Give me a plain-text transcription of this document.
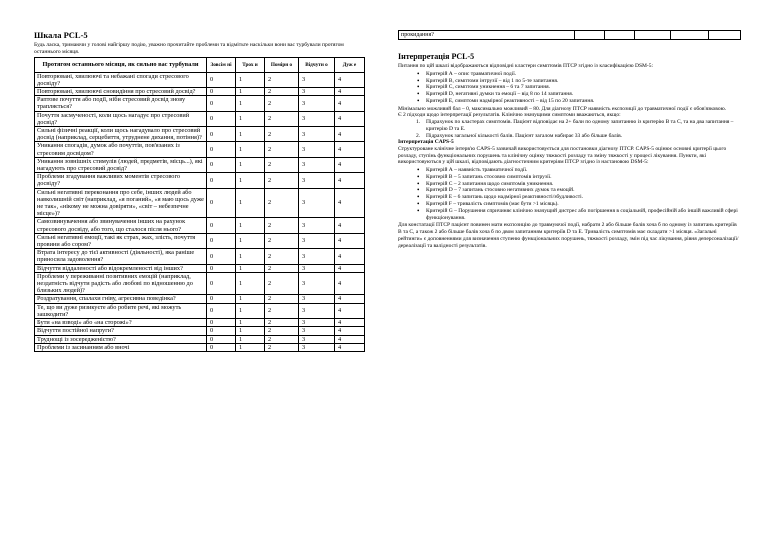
Шкала PCL-5
Будь ласка, тримаючи у голові найгіршу подію, уважно прочитайте проблеми та відмітьте наскільки вони вас турбували протягом останнього місяця.
Протягом останнього місяця, як сильно вас турбували	Зовсім ні	Трох и	Помірн о	Відчутн о	Дуж е
Повторювані, хвилюючі та небажані спогади стресового досвіду?	0	1	2	3	4
Повторювані, хвилюючі сновидіння про стресовий досвід?	0	1	2	3	4
Раптове почуття або події, ніби стресовий досвід знову трапляється?	0	1	2	3	4
Почуття засмученості, коли щось нагадує про стресовий досвід?	0	1	2	3	4
Сильні фізичні реакції, коли щось нагадувало про стресовий досвід (наприклад, серцебиття, утруднене дихання, потіння)?	0	1	2	3	4
Уникання спогадів, думок або почуттів, пов'язаних із стресовим досвідом?	0	1	2	3	4
Уникання зовнішніх стимулів (людей, предметів, місць...), які нагадують про стресовий досвід?	0	1	2	3	4
Проблеми згадування важливих моментів стресового досвіду?	0	1	2	3	4
Сильні негативні переконання про себе, інших людей або навколишній світ (наприклад, «я поганий», «я маю щось дуже не так», «нікому не можна довіряти», «світ – небезпечне місце»)?	0	1	2	3	4
Самозвинувачення або звинувачення інших на рахунок стресового досвіду, або того, що сталося після нього?	0	1	2	3	4
Сильні негативні емоції, такі як страх, жах, злість, почуття провини або сором?	0	1	2	3	4
Втрата інтересу до тієї активності (діяльності), яка раніше приносила задоволення?	0	1	2	3	4
Відчуття віддаленості або відокремленості від інших?	0	1	2	3	4
Проблеми у переживанні позитивних емоцій (наприклад, нездатність відчути радість або любові по відношенню до близьких людей)?	0	1	2	3	4
Роздратування, спалахи гніву, агресивна поведінка?	0	1	2	3	4
Те, що ви дуже ризикуєте або робите речі, які можуть зашкодити?	0	1	2	3	4
Бути «на взводі» або «на сторожі»?	0	1	2	3	4
Відчуття постійної напруги?	0	1	2	3	4
Труднощі із зосередженістю?	0	1	2	3	4
Проблеми із засинанням або вночі	0	1	2	3	4
прокидання?					
Інтерпретація PCL-5

Питання по цій шкалі відображаються відповідні кластери симптомів ПТСР згідно із класифікацією DSM-5:

• Критерій А – опис травматичної події.
• Критерій В, симптоми інтрузії – від 1 по 5-те запитання.
• Критерій С, симптоми уникнення – 6 та 7 запитання.
• Критерій D, негативні думки та емоції – від 8 по 14 запитання.
• Критерій Е, симптоми надмірної реактивності – від 15 по 20 запитання.

Мінімально можливий бал – 0, максимально можливий – 80. Для діагнозу ПТСР наявність експозиції до травматичної події є обов'язковою.

Є 2 підходи щодо інтерпретації результатів. Клінічно значущими симптоми вважаються, якщо:

1. Підрахунок по кластерах симптомів. Пацієнт відповідає на 2+ бали по одному запитанню із критерію В та С, та на два запитання – критерію D та Е.
2. Підрахунок загальної кількості балів. Пацієнт загалом набирає 33 або більше балів.

Інтерпретація CAPS-5

Структуроване клінічне інтерв'ю CAPS-5 зазвичай використовується для постановки діагнозу ПТСР. CAPS-5 оцінює основні критерії цього розладу, ступінь функціональних порушень та клінічну оцінку тяжкості розладу та зміну тяжкості у процесі лікування. Пункти, які використовуються у цій шкалі, відповідають діагностичним критеріям ПТСР згідно із настановою DSM-5:

• Критерій А – наявність травматичної події.
• Критерій В – 5 запитань стосовно симптомів інтрузії.
• Критерій С – 2 запитання щодо симптомів уникнення.
• Критерій D – 7 запитань стосовно негативних думок та емоцій.
• Критерій Е – 6 запитань щодо надмірної реактивності/збудливості.
• Критерій F – тривалість симптомів (має бути >1 місяць).
• Критерій G – Порушення спричиняє клінічно значущий дистрес або погіршення в соціальній, професійній або іншій важливій сфері функціонування.

Для констатації ПТСР пацієнт повинен мати експозицію до травмуючої події, набрати 2 або більше балів хоча б по одному із запитань критеріїв В та С, а також 2 або більше балів хоча б по двом запитанням критеріїв D та Е. Тривалість симптомів має складати >1 місяця. «Загальні рейтинги» є доповненнями для визначення ступеню функціональних порушень, тяжкості розладу, змін під час лікування, рівня деперсоналізації/дереалізації та валідності результатів.
